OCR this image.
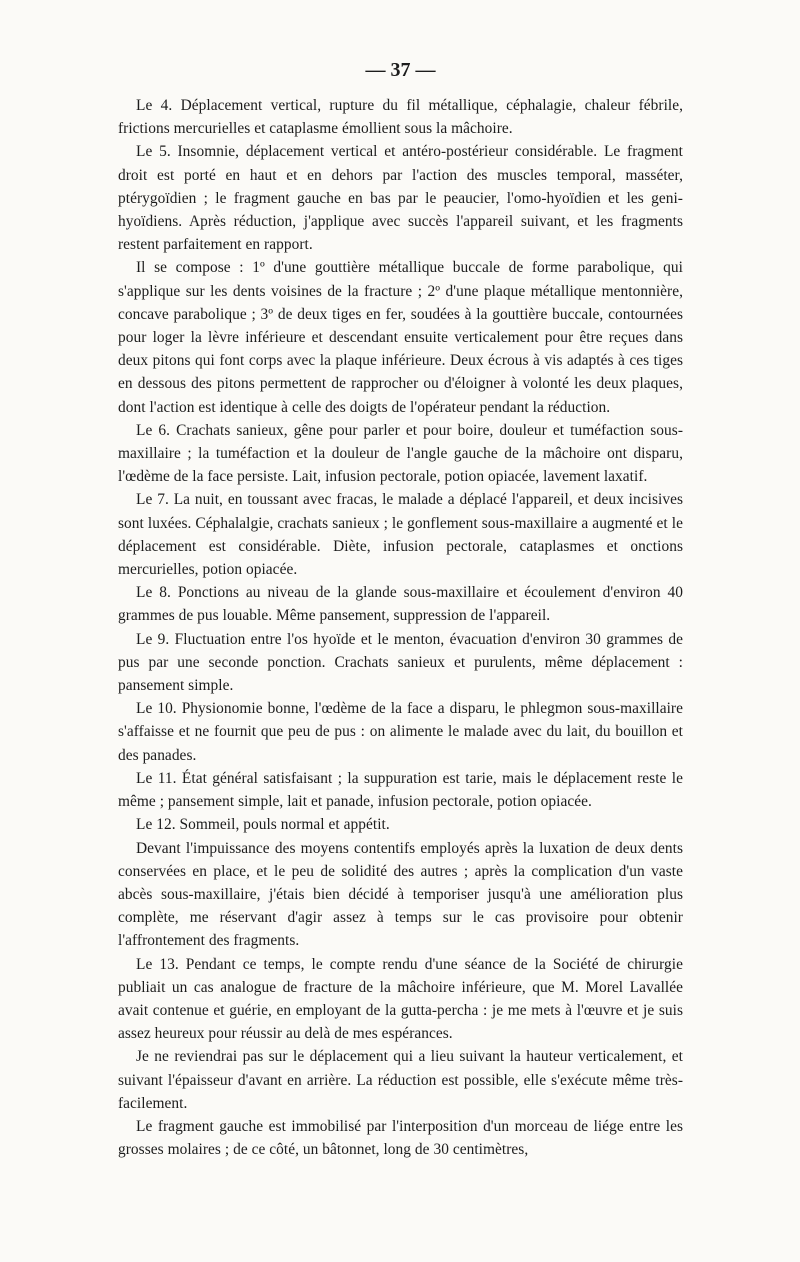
— 37 —

Le 4. Déplacement vertical, rupture du fil métallique, céphalagie, chaleur fébrile, frictions mercurielles et cataplasme émollient sous la mâchoire.

Le 5. Insomnie, déplacement vertical et antéro-postérieur considérable. Le fragment droit est porté en haut et en dehors par l'action des muscles temporal, masséter, ptérygoïdien ; le fragment gauche en bas par le peaucier, l'omo-hyoïdien et les geni-hyoïdiens. Après réduction, j'applique avec succès l'appareil suivant, et les fragments restent parfaitement en rapport.

Il se compose : 1º d'une gouttière métallique buccale de forme parabolique, qui s'applique sur les dents voisines de la fracture ; 2º d'une plaque métallique mentonnière, concave parabolique ; 3º de deux tiges en fer, soudées à la gouttière buccale, contournées pour loger la lèvre inférieure et descendant ensuite verticalement pour être reçues dans deux pitons qui font corps avec la plaque inférieure. Deux écrous à vis adaptés à ces tiges en dessous des pitons permettent de rapprocher ou d'éloigner à volonté les deux plaques, dont l'action est identique à celle des doigts de l'opérateur pendant la réduction.

Le 6. Crachats sanieux, gêne pour parler et pour boire, douleur et tuméfaction sous-maxillaire ; la tuméfaction et la douleur de l'angle gauche de la mâchoire ont disparu, l'œdème de la face persiste. Lait, infusion pectorale, potion opiacée, lavement laxatif.

Le 7. La nuit, en toussant avec fracas, le malade a déplacé l'appareil, et deux incisives sont luxées. Céphalalgie, crachats sanieux ; le gonflement sous-maxillaire a augmenté et le déplacement est considérable. Diète, infusion pectorale, cataplasmes et onctions mercurielles, potion opiacée.

Le 8. Ponctions au niveau de la glande sous-maxillaire et écoulement d'environ 40 grammes de pus louable. Même pansement, suppression de l'appareil.

Le 9. Fluctuation entre l'os hyoïde et le menton, évacuation d'environ 30 grammes de pus par une seconde ponction. Crachats sanieux et purulents, même déplacement : pansement simple.

Le 10. Physionomie bonne, l'œdème de la face a disparu, le phlegmon sous-maxillaire s'affaisse et ne fournit que peu de pus : on alimente le malade avec du lait, du bouillon et des panades.

Le 11. État général satisfaisant ; la suppuration est tarie, mais le déplacement reste le même ; pansement simple, lait et panade, infusion pectorale, potion opiacée.

Le 12. Sommeil, pouls normal et appétit.

Devant l'impuissance des moyens contentifs employés après la luxation de deux dents conservées en place, et le peu de solidité des autres ; après la complication d'un vaste abcès sous-maxillaire, j'étais bien décidé à temporiser jusqu'à une amélioration plus complète, me réservant d'agir assez à temps sur le cas provisoire pour obtenir l'affrontement des fragments.

Le 13. Pendant ce temps, le compte rendu d'une séance de la Société de chirurgie publiait un cas analogue de fracture de la mâchoire inférieure, que M. Morel Lavallée avait contenue et guérie, en employant de la gutta-percha : je me mets à l'œuvre et je suis assez heureux pour réussir au delà de mes espérances.

Je ne reviendrai pas sur le déplacement qui a lieu suivant la hauteur verticalement, et suivant l'épaisseur d'avant en arrière. La réduction est possible, elle s'exécute même très-facilement.

Le fragment gauche est immobilisé par l'interposition d'un morceau de liége entre les grosses molaires ; de ce côté, un bâtonnet, long de 30 centimètres,
